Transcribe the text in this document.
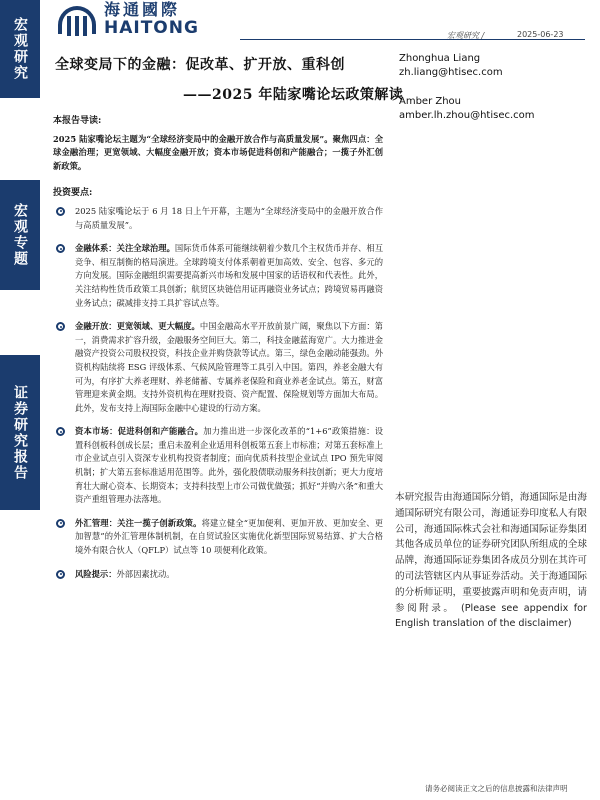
宏观研究
宏观专题
证券研究报告
海通國際
HAITONG	宏观研究 /	2025-06-23
全球变局下的金融：促改革、扩开放、重科创
——2025 年陆家嘴论坛政策解读
Zhonghua Liang
zh.liang@htisec.com
Amber Zhou
amber.lh.zhou@htisec.com
本报告导读:
2025 陆家嘴论坛主题为“全球经济变局中的金融开放合作与高质量发展”。聚焦四点：全球金融治理；更宽领域、大幅度金融开放；资本市场促进科创和产能融合；一揽子外汇创新政策。
投资要点:
2025 陆家嘴论坛于 6 月 18 日上午开幕，主题为“全球经济变局中的金融开放合作与高质量发展”。
金融体系：关注全球治理。国际货币体系可能继续朝着少数几个主权货币并存、相互竞争、相互制衡的格局演进。全球跨境支付体系朝着更加高效、安全、包容、多元的方向发展。国际金融组织需要提高新兴市场和发展中国家的话语权和代表性。此外，关注结构性货币政策工具创新；航贸区块链信用证再融资业务试点；跨境贸易再融资业务试点；碳减排支持工具扩容试点等。
金融开放：更宽领域、更大幅度。中国金融高水平开放前景广阔，聚焦以下方面：第一，消费需求扩容升级，金融服务空间巨大。第二，科技金融蓝海宽广。大力推进金融资产投资公司股权投资，科技企业并购贷款等试点。第三，绿色金融动能强劲。外资机构陆续将 ESG 评级体系、气候风险管理等工具引入中国。第四，养老金融大有可为，有序扩大养老理财、养老储蓄、专属养老保险和商业养老金试点。第五，财富管理迎来黄金期。支持外资机构在理财投资、资产配置、保险规划等方面加大布局。此外，发布支持上海国际金融中心建设的行动方案。
资本市场：促进科创和产能融合。加力推出进一步深化改革的“1+6”政策措施：设置科创板科创成长层；重启未盈利企业适用科创板第五套上市标准；对第五套标准上市企业试点引入资深专业机构投资者制度；面向优质科技型企业试点 IPO 预先审阅机制；扩大第五套标准适用范围等。此外，强化股债联动服务科技创新；更大力度培育壮大耐心资本、长期资本；支持科技型上市公司做优做强；抓好“并购六条”和重大资产重组管理办法落地。
外汇管理：关注一揽子创新政策。将建立健全“更加便利、更加开放、更加安全、更加智慧”的外汇管理体制机制，在自贸试验区实施优化新型国际贸易结算、扩大合格境外有限合伙人（QFLP）试点等 10 项便利化政策。
风险提示：外部因素扰动。
本研究报告由海通国际分销，海通国际是由海通国际研究有限公司，海通证券印度私人有限公司，海通国际株式会社和海通国际证券集团其他各成员单位的证券研究团队所组成的全球品牌，海通国际证券集团各成员分别在其许可的司法管辖区内从事证券活动。关于海通国际的分析师证明，重要披露声明和免责声明，请参阅附录。 (Please see appendix for English translation of the disclaimer)
请务必阅读正文之后的信息披露和法律声明
